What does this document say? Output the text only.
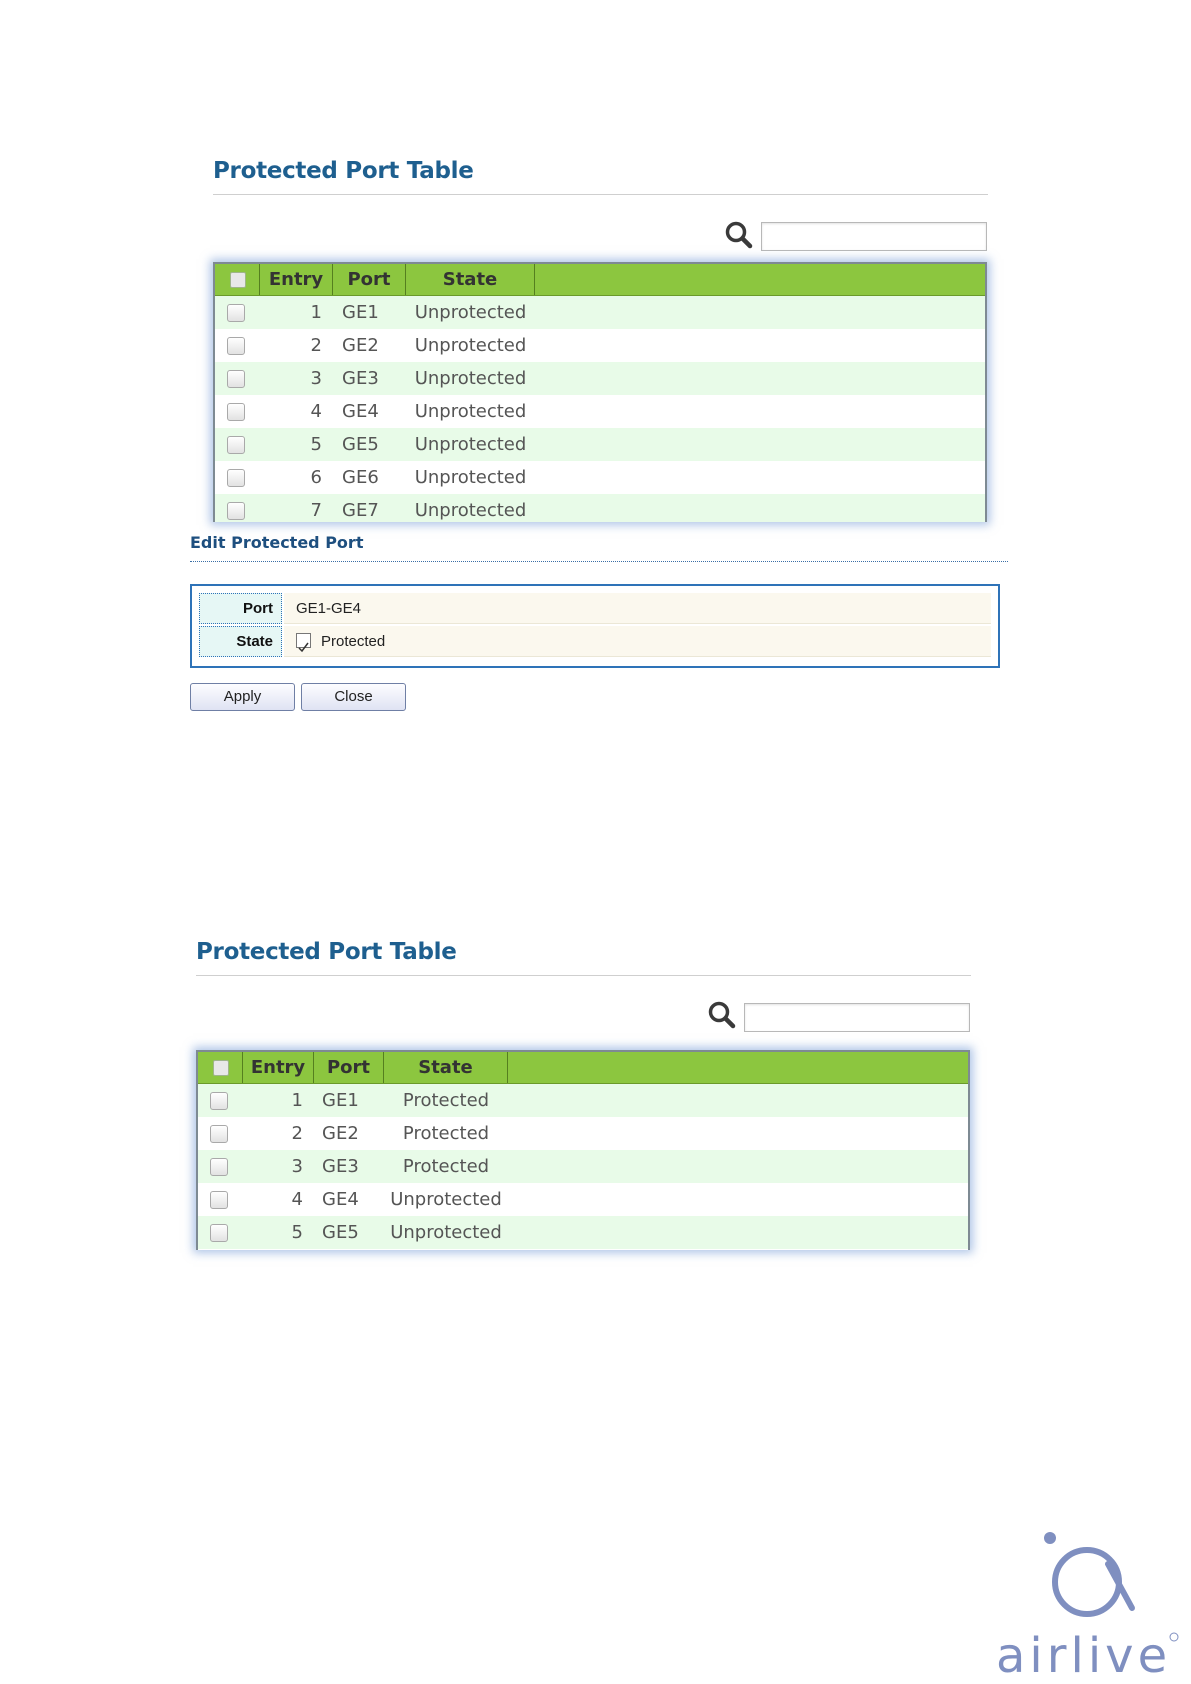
Protected Port Table
Entry	Port	State
1 GE1	Unprotected
2 GE2	Unprotected
3 GE3	Unprotected
4 GE4	Unprotected
5 GE5	Unprotected
6 GE6	Unprotected
7 GE7	Unprotected
Edit Protected Port
Port	GE1-GE4
State	Protected
Apply	Close
Protected Port Table
Entry	Port	State
1 GE1	Protected
2 GE2	Protected
3 GE3	Protected
4 GE4	Unprotected
5 GE5	Unprotected
airlive
